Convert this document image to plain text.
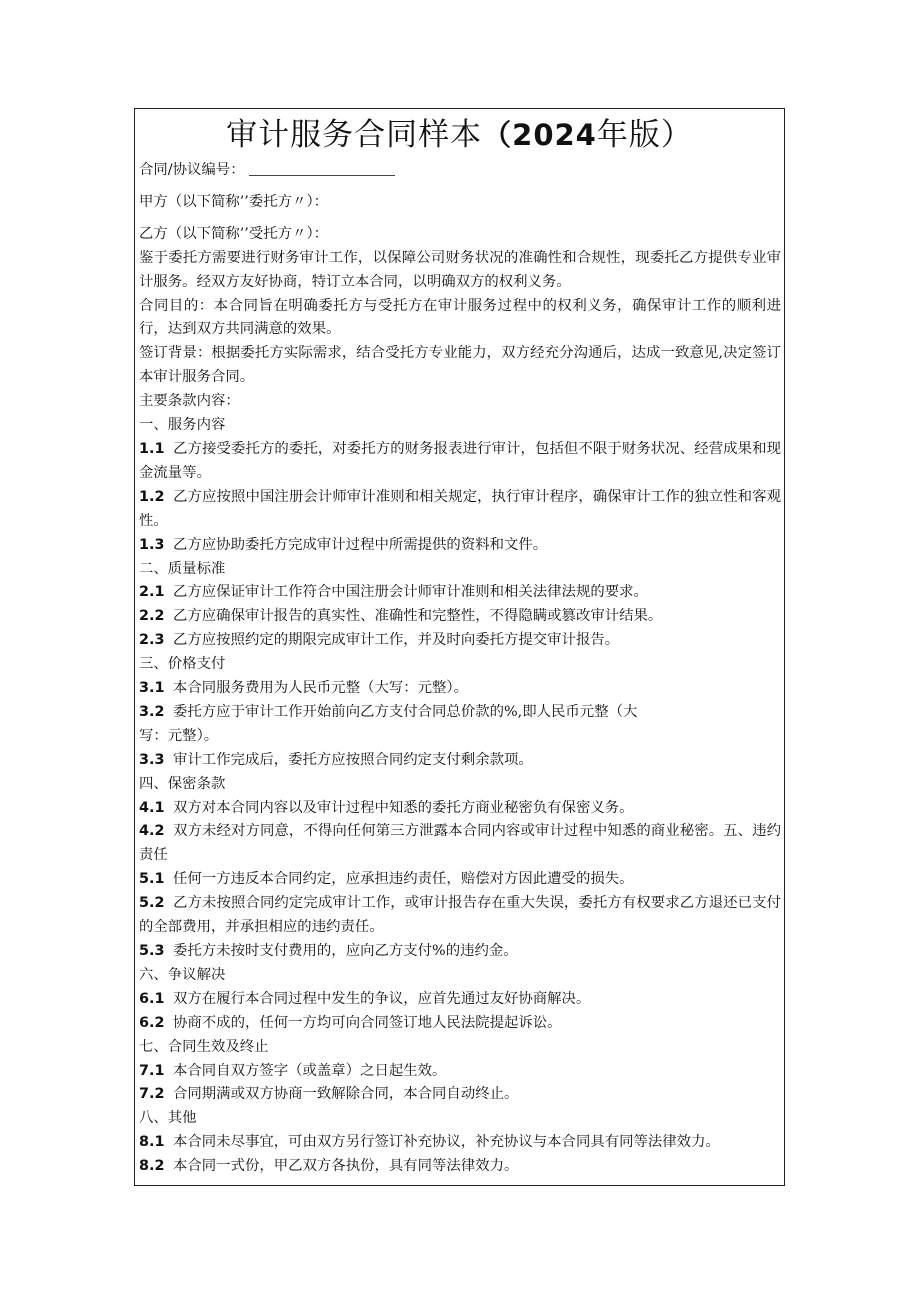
审计服务合同样本（2024年版）

合同/协议编号：

甲方（以下简称’’委托方〃）：

乙方（以下简称’’受托方〃）：

鉴于委托方需要进行财务审计工作，以保障公司财务状况的准确性和合规性，现委托乙方提供专业审计服务。经双方友好协商，特订立本合同，以明确双方的权利义务。

合同目的：本合同旨在明确委托方与受托方在审计服务过程中的权利义务，确保审计工作的顺利进行，达到双方共同满意的效果。

签订背景：根据委托方实际需求，结合受托方专业能力，双方经充分沟通后，达成一致意见,决定签订本审计服务合同。

主要条款内容：

一、服务内容

1.1 乙方接受委托方的委托，对委托方的财务报表进行审计，包括但不限于财务状况、经营成果和现金流量等。

1.2 乙方应按照中国注册会计师审计准则和相关规定，执行审计程序，确保审计工作的独立性和客观性。

1.3 乙方应协助委托方完成审计过程中所需提供的资料和文件。

二、质量标准

2.1 乙方应保证审计工作符合中国注册会计师审计准则和相关法律法规的要求。

2.2 乙方应确保审计报告的真实性、准确性和完整性，不得隐瞒或篡改审计结果。

2.3 乙方应按照约定的期限完成审计工作，并及时向委托方提交审计报告。

三、价格支付

3.1 本合同服务费用为人民币元整（大写：元整）。

3.2 委托方应于审计工作开始前向乙方支付合同总价款的%,即人民币元整（大

写：元整）。

3.3 审计工作完成后，委托方应按照合同约定支付剩余款项。

四、保密条款

4.1 双方对本合同内容以及审计过程中知悉的委托方商业秘密负有保密义务。

4.2 双方未经对方同意，不得向任何第三方泄露本合同内容或审计过程中知悉的商业秘密。五、违约责任

5.1 任何一方违反本合同约定，应承担违约责任，赔偿对方因此遭受的损失。

5.2 乙方未按照合同约定完成审计工作，或审计报告存在重大失误，委托方有权要求乙方退还已支付的全部费用，并承担相应的违约责任。

5.3 委托方未按时支付费用的，应向乙方支付%的违约金。

六、争议解决

6.1 双方在履行本合同过程中发生的争议，应首先通过友好协商解决。

6.2 协商不成的，任何一方均可向合同签订地人民法院提起诉讼。

七、合同生效及终止

7.1 本合同自双方签字（或盖章）之日起生效。

7.2 合同期满或双方协商一致解除合同，本合同自动终止。

八、其他

8.1 本合同未尽事宜，可由双方另行签订补充协议，补充协议与本合同具有同等法律效力。

8.2 本合同一式份，甲乙双方各执份，具有同等法律效力。
